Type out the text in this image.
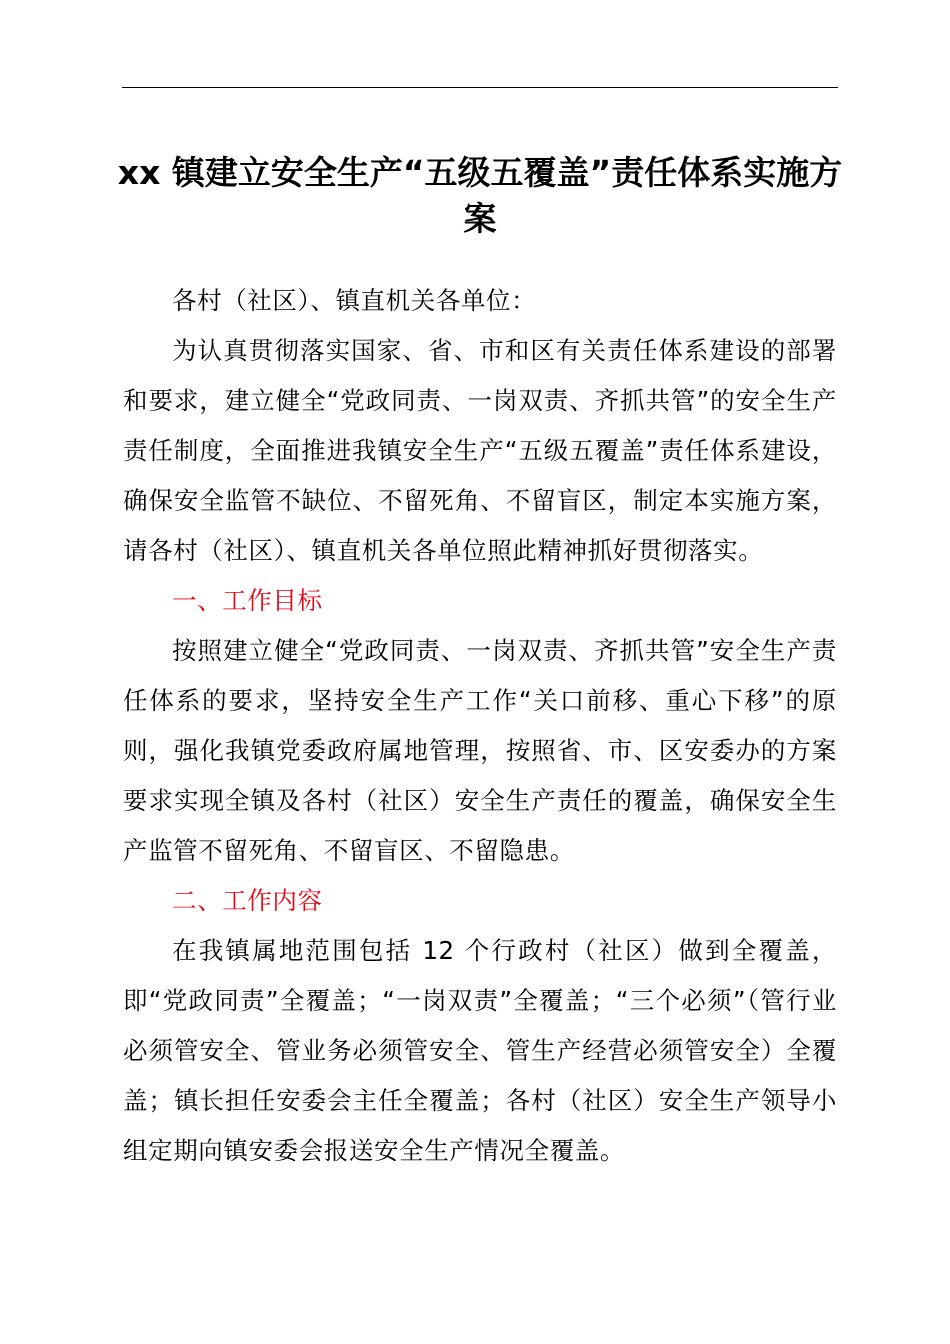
xx 镇建立安全生产“五级五覆盖”责任体系实施方案

各村（社区）、镇直机关各单位：

为认真贯彻落实国家、省、市和区有关责任体系建设的部署和要求，建立健全“党政同责、一岗双责、齐抓共管”的安全生产责任制度，全面推进我镇安全生产“五级五覆盖”责任体系建设，确保安全监管不缺位、不留死角、不留盲区，制定本实施方案，请各村（社区）、镇直机关各单位照此精神抓好贯彻落实。

一、工作目标

按照建立健全“党政同责、一岗双责、齐抓共管”安全生产责任体系的要求，坚持安全生产工作“关口前移、重心下移”的原则，强化我镇党委政府属地管理，按照省、市、区安委办的方案要求实现全镇及各村（社区）安全生产责任的覆盖，确保安全生产监管不留死角、不留盲区、不留隐患。

二、工作内容

在我镇属地范围包括 12 个行政村（社区）做到全覆盖，即“党政同责”全覆盖；“一岗双责”全覆盖；“三个必须”（管行业必须管安全、管业务必须管安全、管生产经营必须管安全）全覆盖；镇长担任安委会主任全覆盖；各村（社区）安全生产领导小组定期向镇安委会报送安全生产情况全覆盖。
